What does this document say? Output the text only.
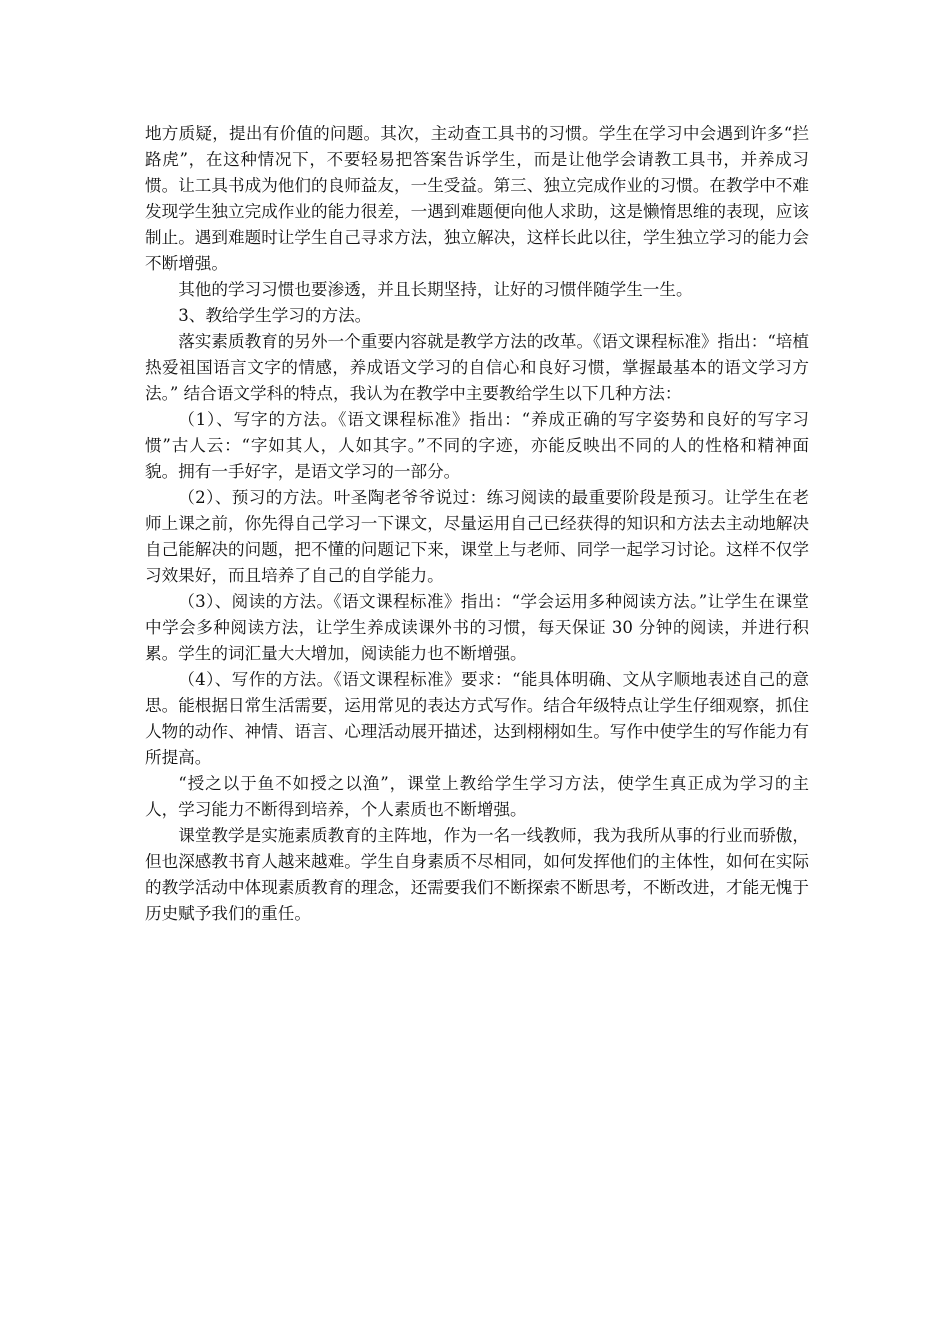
地方质疑，提出有价值的问题。其次，主动查工具书的习惯。学生在学习中会遇到许多“拦路虎”，在这种情况下，不要轻易把答案告诉学生，而是让他学会请教工具书，并养成习惯。让工具书成为他们的良师益友，一生受益。第三、独立完成作业的习惯。在教学中不难发现学生独立完成作业的能力很差，一遇到难题便向他人求助，这是懒惰思维的表现，应该制止。遇到难题时让学生自己寻求方法，独立解决，这样长此以往，学生独立学习的能力会不断增强。

其他的学习习惯也要渗透，并且长期坚持，让好的习惯伴随学生一生。

3、教给学生学习的方法。

落实素质教育的另外一个重要内容就是教学方法的改革。《语文课程标准》指出：“培植热爱祖国语言文字的情感，养成语文学习的自信心和良好习惯，掌握最基本的语文学习方法。” 结合语文学科的特点，我认为在教学中主要教给学生以下几种方法：

（1）、写字的方法。《语文课程标准》指出：“养成正确的写字姿势和良好的写字习惯”古人云：“字如其人，人如其字。”不同的字迹，亦能反映出不同的人的性格和精神面貌。拥有一手好字，是语文学习的一部分。

（2）、预习的方法。叶圣陶老爷爷说过：练习阅读的最重要阶段是预习。让学生在老师上课之前，你先得自己学习一下课文，尽量运用自己已经获得的知识和方法去主动地解决自己能解决的问题，把不懂的问题记下来，课堂上与老师、同学一起学习讨论。这样不仅学习效果好，而且培养了自己的自学能力。

（3）、阅读的方法。《语文课程标准》指出：“学会运用多种阅读方法。”让学生在课堂中学会多种阅读方法，让学生养成读课外书的习惯，每天保证 30 分钟的阅读，并进行积累。学生的词汇量大大增加，阅读能力也不断增强。

（4）、写作的方法。《语文课程标准》要求：“能具体明确、文从字顺地表述自己的意思。能根据日常生活需要，运用常见的表达方式写作。结合年级特点让学生仔细观察，抓住人物的动作、神情、语言、心理活动展开描述，达到栩栩如生。写作中使学生的写作能力有所提高。

“授之以于鱼不如授之以渔”，课堂上教给学生学习方法，使学生真正成为学习的主人，学习能力不断得到培养，个人素质也不断增强。

课堂教学是实施素质教育的主阵地，作为一名一线教师，我为我所从事的行业而骄傲，但也深感教书育人越来越难。学生自身素质不尽相同，如何发挥他们的主体性，如何在实际的教学活动中体现素质教育的理念，还需要我们不断探索不断思考，不断改进，才能无愧于历史赋予我们的重任。
